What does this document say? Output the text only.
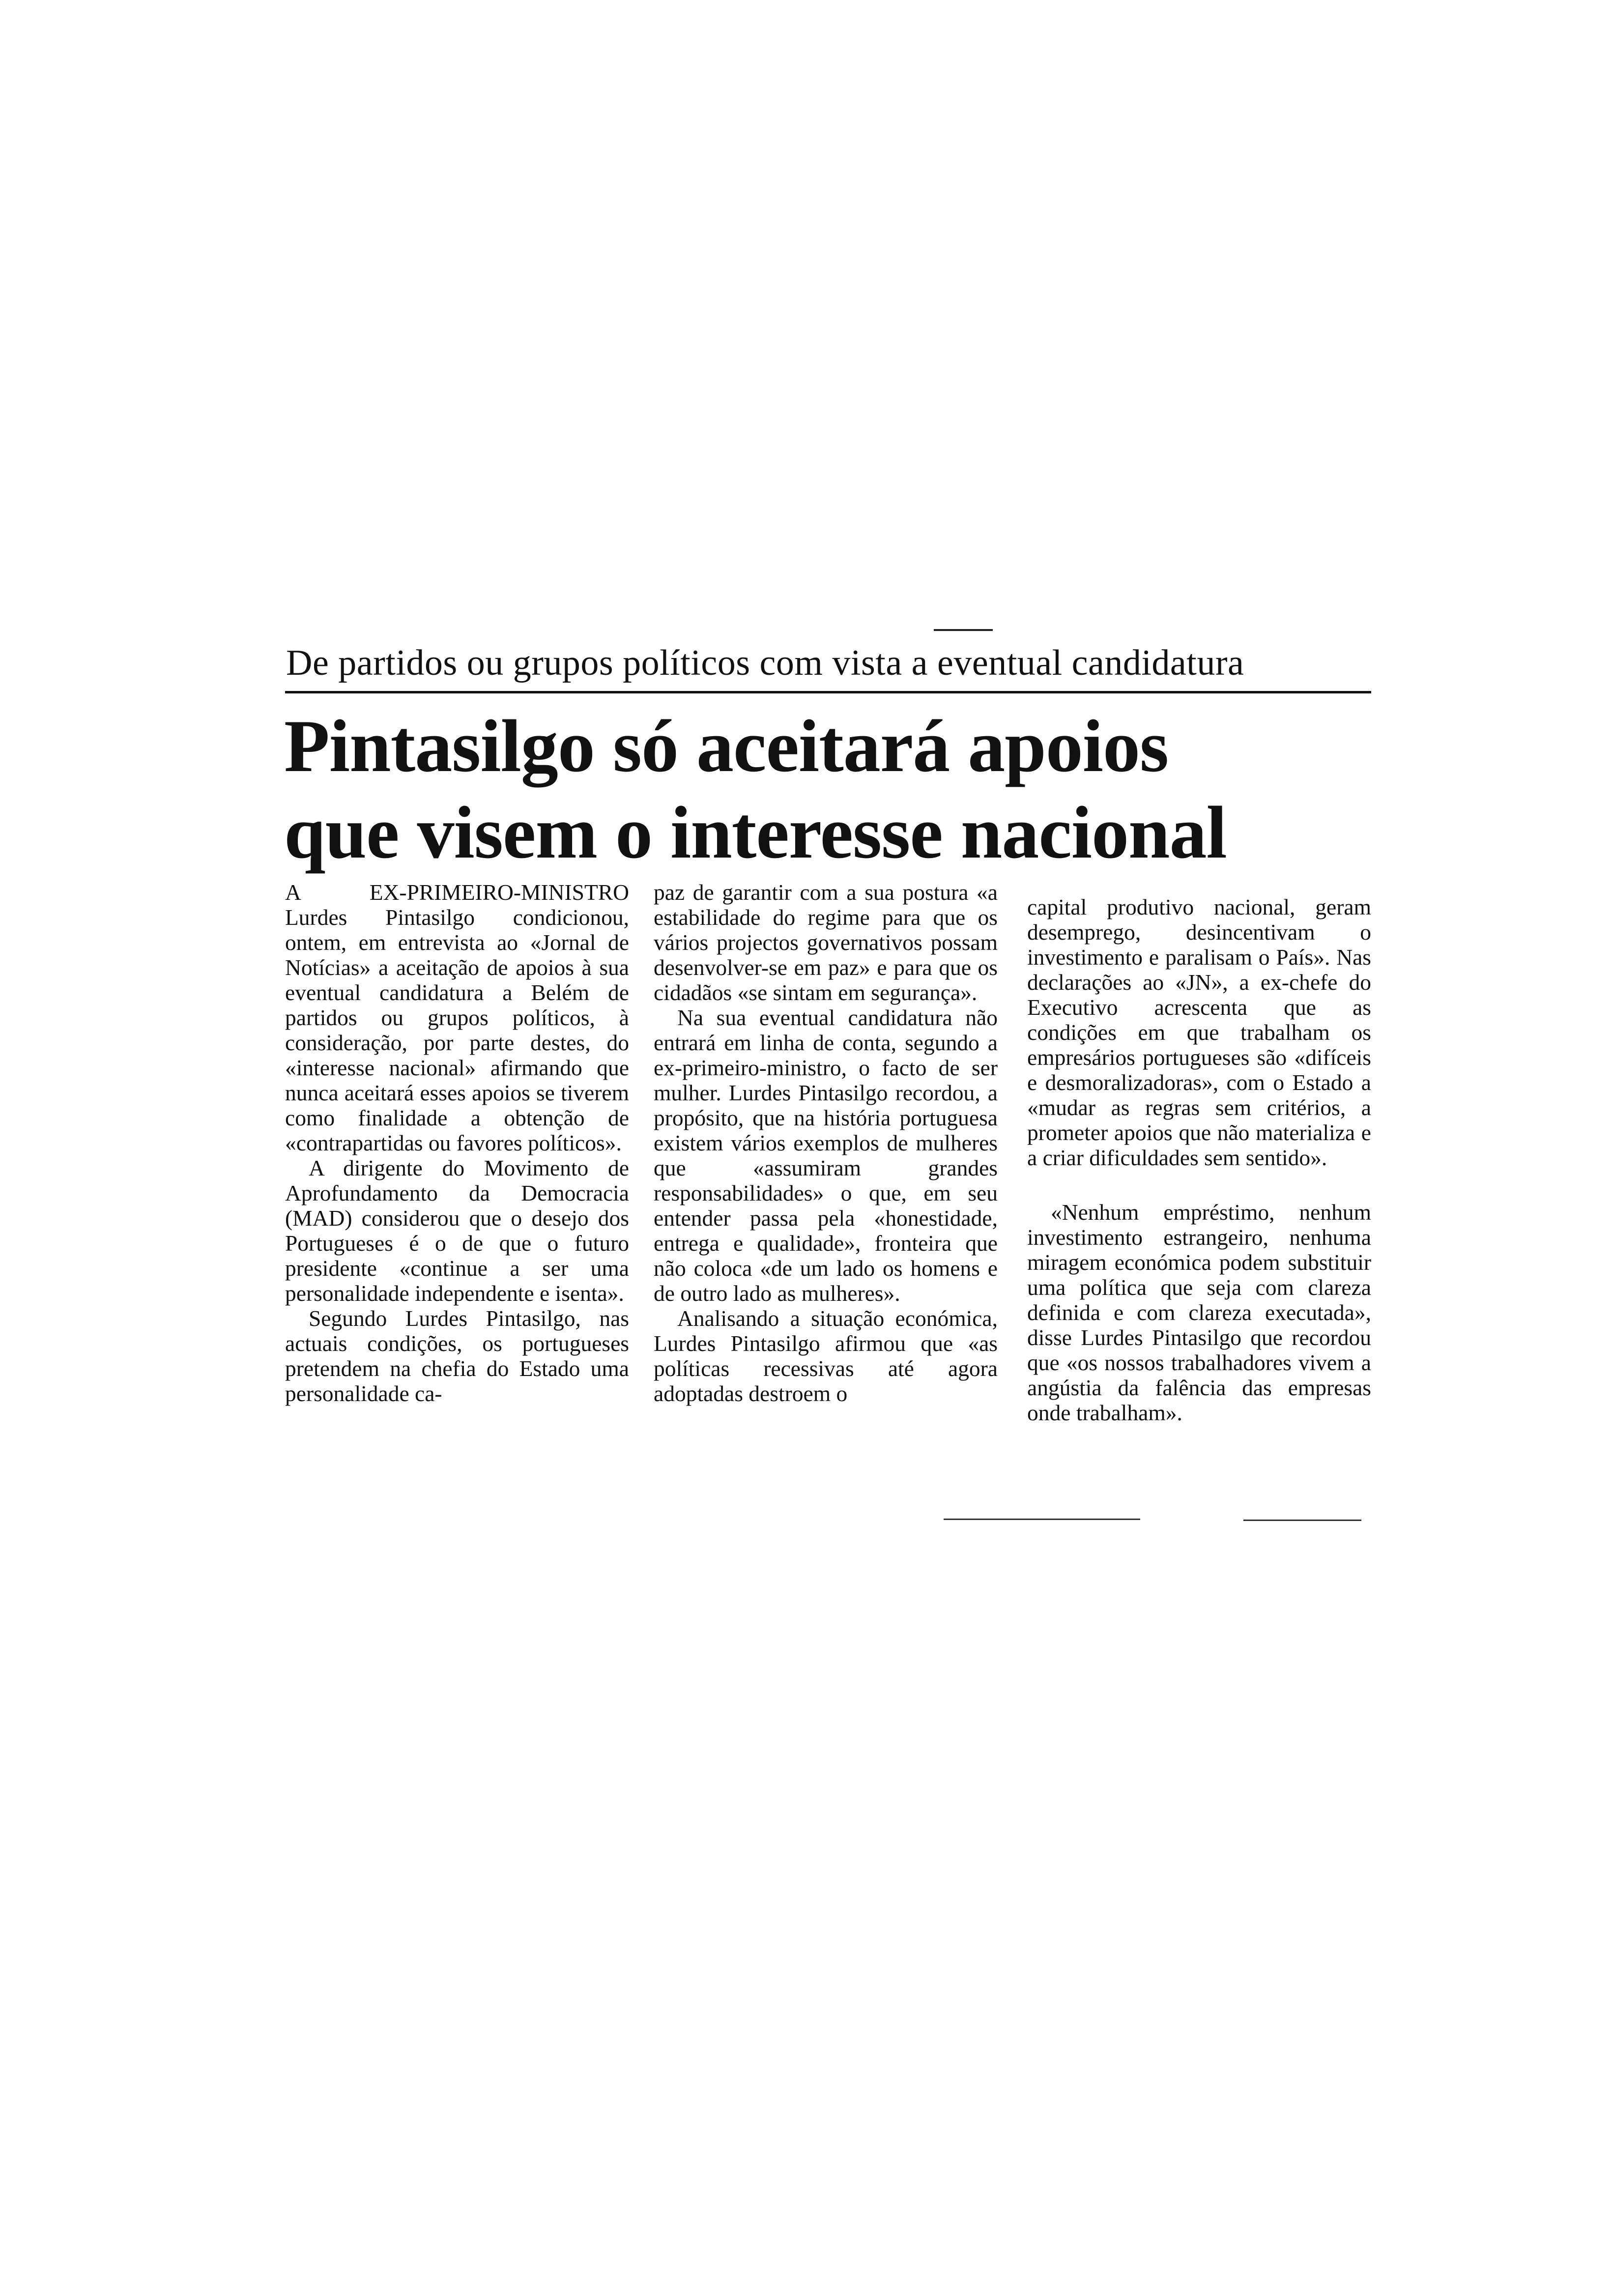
De partidos ou grupos políticos com vista a eventual candidatura
Pintasilgo só aceitará apoios
que visem o interesse nacional

A EX-PRIMEIRO-MINISTRO Lurdes Pintasilgo condicionou, ontem, em entrevista ao «Jornal de Notícias» a aceitação de apoios à sua eventual candidatura a Belém de partidos ou grupos políticos, à consideração, por parte destes, do «interesse nacional» afirmando que nunca aceitará esses apoios se tiverem como finalidade a obtenção de «contrapartidas ou favores políticos».

A dirigente do Movimento de Aprofundamento da Democracia (MAD) considerou que o desejo dos Portugueses é o de que o futuro presidente «continue a ser uma personalidade independente e isenta».

Segundo Lurdes Pintasilgo, nas actuais condições, os portugueses pretendem na chefia do Estado uma personalidade ca-

paz de garantir com a sua postura «a estabilidade do regime para que os vários projectos governativos possam desenvolver-se em paz» e para que os cidadãos «se sintam em segurança».

Na sua eventual candidatura não entrará em linha de conta, segundo a ex-primeiro-ministro, o facto de ser mulher. Lurdes Pintasilgo recordou, a propósito, que na história portuguesa existem vários exemplos de mulheres que «assumiram grandes responsabilidades» o que, em seu entender passa pela «honestidade, entrega e qualidade», fronteira que não coloca «de um lado os homens e de outro lado as mulheres».

Analisando a situação económica, Lurdes Pintasilgo afirmou que «as políticas recessivas até agora adoptadas destroem o

capital produtivo nacional, geram desemprego, desincentivam o investimento e paralisam o País». Nas declarações ao «JN», a ex-chefe do Executivo acrescenta que as condições em que trabalham os empresários portugueses são «difíceis e desmoralizadoras», com o Estado a «mudar as regras sem critérios, a prometer apoios que não materializa e a criar dificuldades sem sentido».

«Nenhum empréstimo, nenhum investimento estrangeiro, nenhuma miragem económica podem substituir uma política que seja com clareza definida e com clareza executada», disse Lurdes Pintasilgo que recordou que «os nossos trabalhadores vivem a angústia da falência das empresas onde trabalham».
